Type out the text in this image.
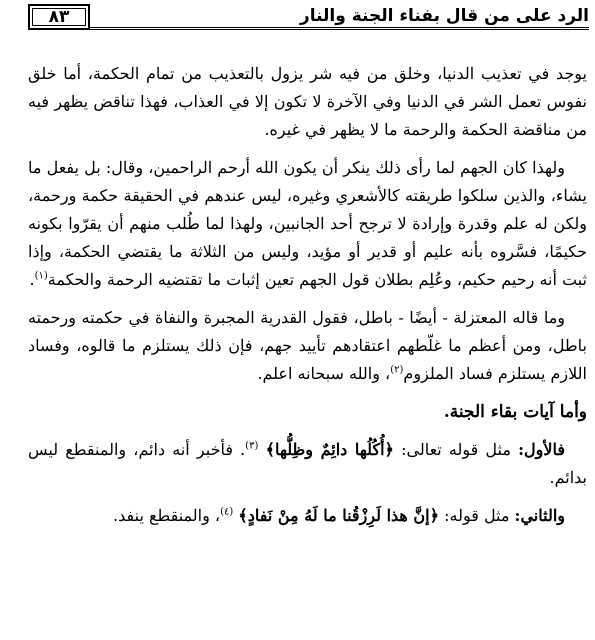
الرد على من قال بفناء الجنة والنار
٨٣

يوجد في تعذيب الدنيا، وخلق من فيه شر يزول بالتعذيب من تمام الحكمة، أما خلق نفوس تعمل الشر في الدنيا وفي الآخرة لا تكون إلا في العذاب، فهذا تناقض يظهر فيه من مناقضة الحكمة والرحمة ما لا يظهر في غيره.

ولهذا كان الجهم لما رأى ذلك ينكر أن يكون الله أرحم الراحمين، وقال: بل يفعل ما يشاء، والذين سلكوا طريقته كالأشعري وغيره، ليس عندهم في الحقيقة حكمة ورحمة، ولكن له علم وقدرة وإرادة لا ترجح أحد الجانبين، ولهذا لما طُلب منهم أن يقرّوا بكونه حكيمًا، فسَّروه بأنه عليم أو قدير أو مؤيد، وليس من الثلاثة ما يقتضي الحكمة، وإذا ثبت أنه رحيم حكيم، وعُلِم بطلان قول الجهم تعين إثبات ما تقتضيه الرحمة والحكمة$^{(١)}$.

وما قاله المعتزلة - أيضًا - باطل، فقول القدرية المجبرة والنفاة في حكمته ورحمته باطل، ومن أعظم ما غلّطهم اعتقادهم تأييد جهم، فإن ذلك يستلزم ما قالوه، وفساد اللازم يستلزم فساد الملزوم$^{(٢)}$، والله سبحانه اعلم.

وأما آيات بقاء الجنة.

فالأول: مثل قوله تعالى: ﴿أُكُلُها دائِمٌ وظِلُّها﴾ $^{(٣)}$. فأخبر أنه دائم، والمنقطع ليس بدائم.

والثاني: مثل قوله: ﴿إنَّ هذا لَرِزْقُنا ما لَهُ مِنْ نَفادٍ﴾ $^{(٤)}$، والمنقطع ينفد.
